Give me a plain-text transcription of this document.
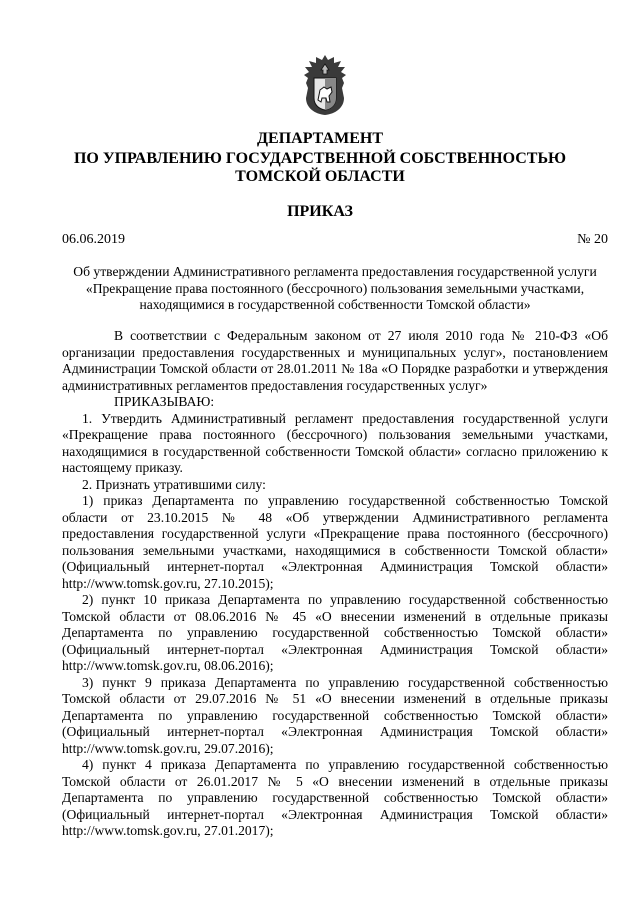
ДЕПАРТАМЕНТ
ПО УПРАВЛЕНИЮ ГОСУДАРСТВЕННОЙ СОБСТВЕННОСТЬЮ
ТОМСКОЙ ОБЛАСТИ
ПРИКАЗ
06.06.2019	№ 20
Об утверждении Административного регламента предоставления государственной услуги
«Прекращение права постоянного (бессрочного) пользования земельными участками,
находящимися в государственной собственности Томской области»

В соответствии с Федеральным законом от 27 июля 2010 года № 210-ФЗ «Об организации предоставления государственных и муниципальных услуг», постановлением Администрации Томской области от 28.01.2011 № 18а «О Порядке разработки и утверждения административных регламентов предоставления государственных услуг»

ПРИКАЗЫВАЮ:

1. Утвердить Административный регламент предоставления государственной услуги «Прекращение права постоянного (бессрочного) пользования земельными участками, находящимися в государственной собственности Томской области» согласно приложению к настоящему приказу.

2. Признать утратившими силу:

1) приказ Департамента по управлению государственной собственностью Томской области от 23.10.2015 № 48 «Об утверждении Административного регламента предоставления государственной услуги «Прекращение права постоянного (бессрочного) пользования земельными участками, находящимися в собственности Томской области» (Официальный интернет-портал «Электронная Администрация Томской области» http://www.tomsk.gov.ru, 27.10.2015);

2) пункт 10 приказа Департамента по управлению государственной собственностью Томской области от 08.06.2016 № 45 «О внесении изменений в отдельные приказы Департамента по управлению государственной собственностью Томской области» (Официальный интернет-портал «Электронная Администрация Томской области» http://www.tomsk.gov.ru, 08.06.2016);

3) пункт 9 приказа Департамента по управлению государственной собственностью Томской области от 29.07.2016 № 51 «О внесении изменений в отдельные приказы Департамента по управлению государственной собственностью Томской области» (Официальный интернет-портал «Электронная Администрация Томской области» http://www.tomsk.gov.ru, 29.07.2016);

4) пункт 4 приказа Департамента по управлению государственной собственностью Томской области от 26.01.2017 № 5 «О внесении изменений в отдельные приказы Департамента по управлению государственной собственностью Томской области» (Официальный интернет-портал «Электронная Администрация Томской области» http://www.tomsk.gov.ru, 27.01.2017);
